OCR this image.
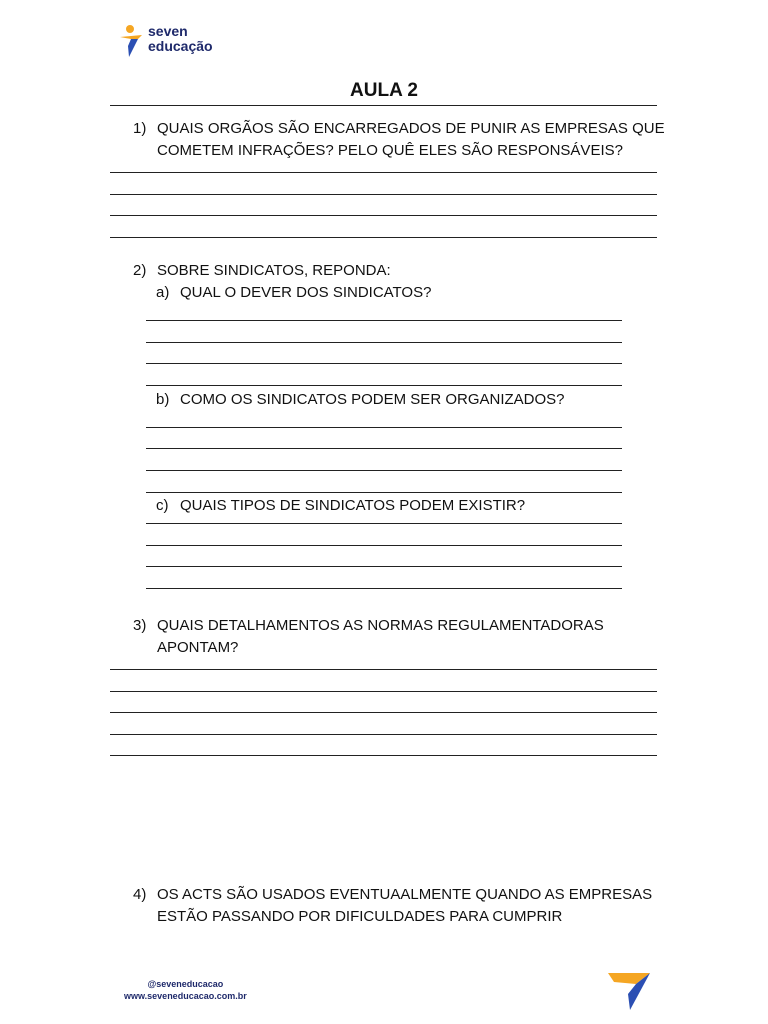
seven
educação
AULA 2
1) QUAIS ORGÃOS SÃO ENCARREGADOS DE PUNIR AS EMPRESAS QUE
COMETEM INFRAÇÕES? PELO QUÊ ELES SÃO RESPONSÁVEIS?
2) SOBRE SINDICATOS, REPONDA:
a) QUAL O DEVER DOS SINDICATOS?
b) COMO OS SINDICATOS PODEM SER ORGANIZADOS?
c) QUAIS TIPOS DE SINDICATOS PODEM EXISTIR?
3) QUAIS DETALHAMENTOS AS NORMAS REGULAMENTADORAS
APONTAM?
4) OS ACTS SÃO USADOS EVENTUAALMENTE QUANDO AS EMPRESAS
ESTÃO PASSANDO POR DIFICULDADES PARA CUMPRIR
@seveneducacao
www.seveneducacao.com.br
